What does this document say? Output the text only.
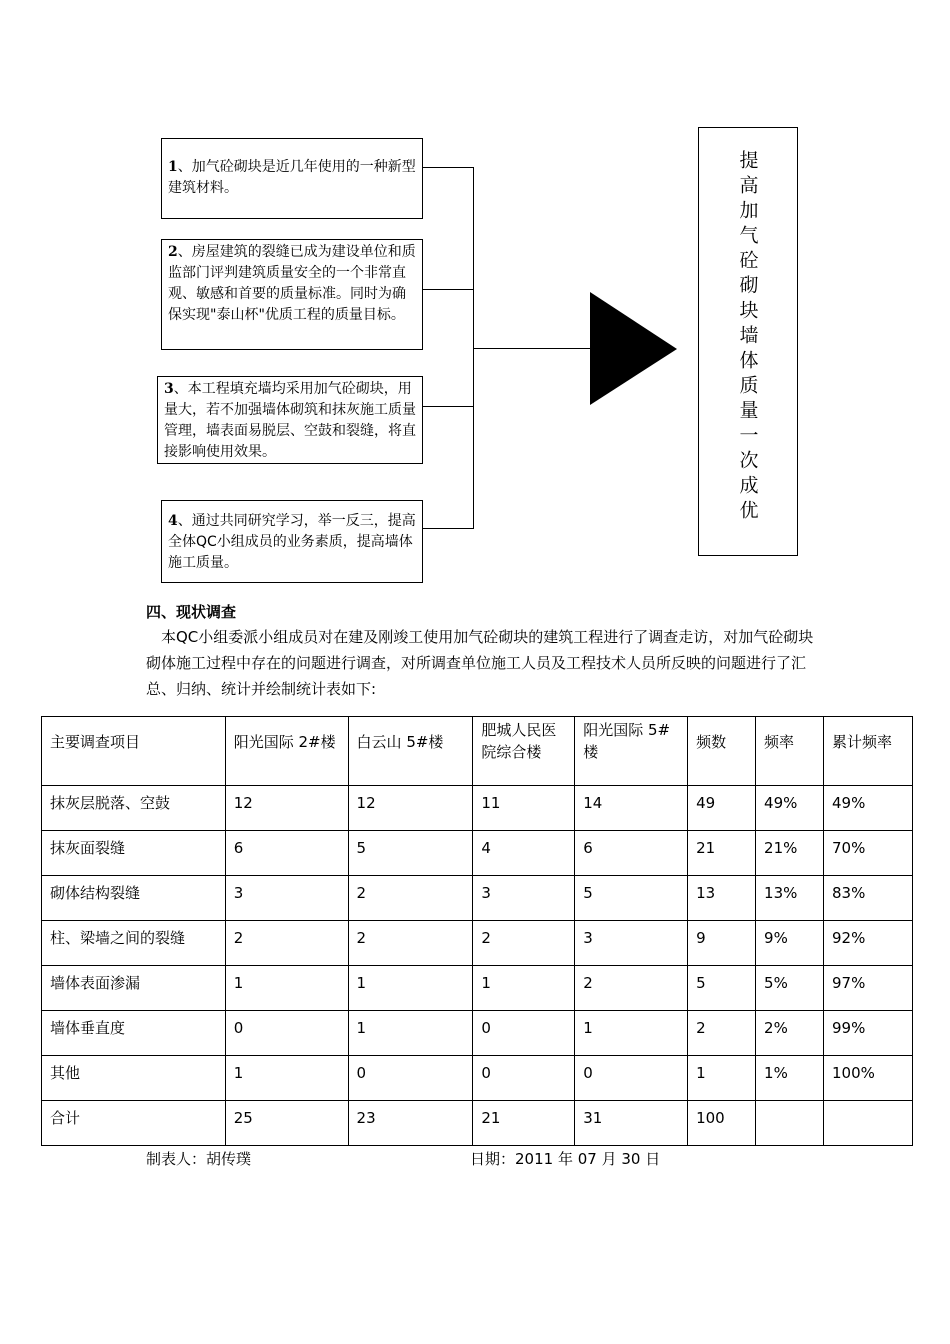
1、加气砼砌块是近几年使用的一种新型建筑材料。
2、房屋建筑的裂缝已成为建设单位和质监部门评判建筑质量安全的一个非常直观、敏感和首要的质量标准。同时为确保实现"泰山杯"优质工程的质量目标。
3、本工程填充墙均采用加气砼砌块，用量大，若不加强墙体砌筑和抹灰施工质量管理，墙表面易脱层、空鼓和裂缝，将直接影响使用效果。
4、通过共同研究学习，举一反三，提高全体QC小组成员的业务素质，提高墙体施工质量。
提高加气砼砌块墙体质量一次成优
四、现状调查
本QC小组委派小组成员对在建及刚竣工使用加气砼砌块的建筑工程进行了调查走访，对加气砼砌块砌体施工过程中存在的问题进行调查，对所调查单位施工人员及工程技术人员所反映的问题进行了汇总、归纳、统计并绘制统计表如下:
主要调查项目	阳光国际 2#楼	白云山 5#楼	肥城人民医院综合楼	阳光国际 5#楼	频数	频率	累计频率
抹灰层脱落、空鼓	12	12	11	14	49	49%	49%
抹灰面裂缝	6	5	4	6	21	21%	70%
砌体结构裂缝	3	2	3	5	13	13%	83%
柱、梁墙之间的裂缝	2	2	2	3	9	9%	92%
墙体表面渗漏	1	1	1	2	5	5%	97%
墙体垂直度	0	1	0	1	2	2%	99%
其他	1	0	0	0	1	1%	100%
合计	25	23	21	31	100		
制表人：胡传璞	日期：2011 年 07 月 30 日
